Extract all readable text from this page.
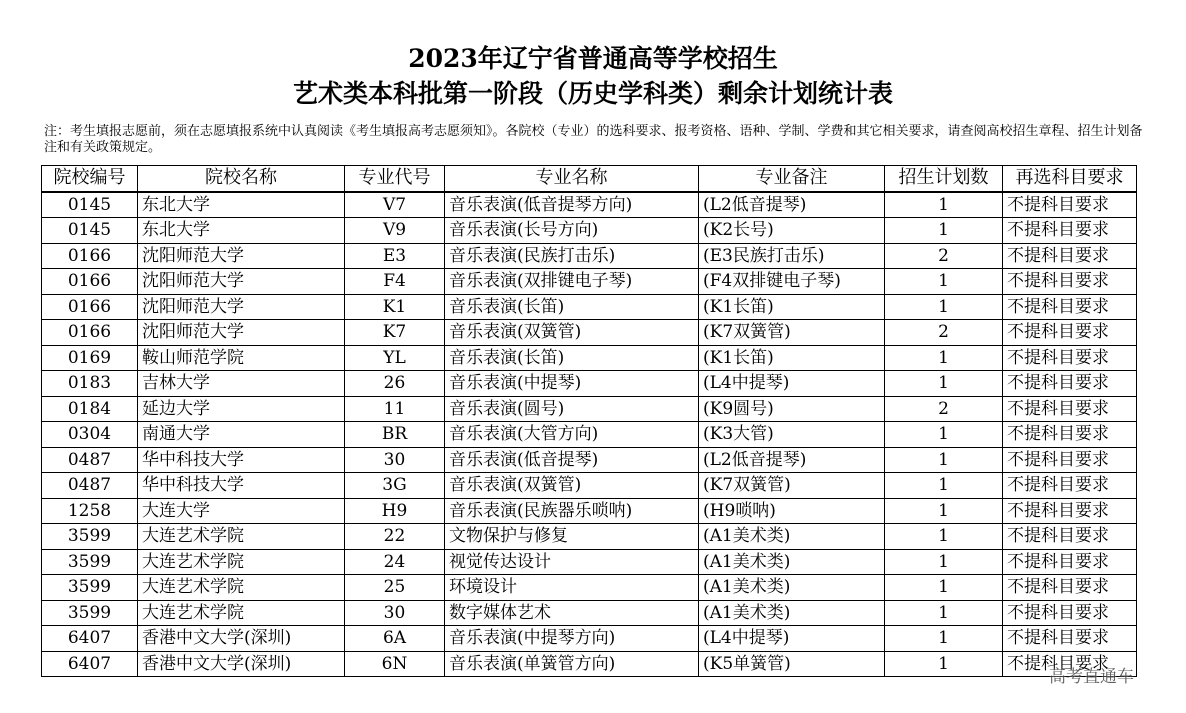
2023年辽宁省普通高等学校招生
艺术类本科批第一阶段（历史学科类）剩余计划统计表

注：考生填报志愿前，须在志愿填报系统中认真阅读《考生填报高考志愿须知》。各院校（专业）的选科要求、报考资格、语种、学制、学费和其它相关要求，请查阅高校招生章程、招生计划备注和有关政策规定。

院校编号	院校名称	专业代号	专业名称	专业备注	招生计划数	再选科目要求
0145	东北大学	V7	音乐表演(低音提琴方向)	(L2低音提琴)	1	不提科目要求
0145	东北大学	V9	音乐表演(长号方向)	(K2长号)	1	不提科目要求
0166	沈阳师范大学	E3	音乐表演(民族打击乐)	(E3民族打击乐)	2	不提科目要求
0166	沈阳师范大学	F4	音乐表演(双排键电子琴)	(F4双排键电子琴)	1	不提科目要求
0166	沈阳师范大学	K1	音乐表演(长笛)	(K1长笛)	1	不提科目要求
0166	沈阳师范大学	K7	音乐表演(双簧管)	(K7双簧管)	2	不提科目要求
0169	鞍山师范学院	YL	音乐表演(长笛)	(K1长笛)	1	不提科目要求
0183	吉林大学	26	音乐表演(中提琴)	(L4中提琴)	1	不提科目要求
0184	延边大学	11	音乐表演(圆号)	(K9圆号)	2	不提科目要求
0304	南通大学	BR	音乐表演(大管方向)	(K3大管)	1	不提科目要求
0487	华中科技大学	30	音乐表演(低音提琴)	(L2低音提琴)	1	不提科目要求
0487	华中科技大学	3G	音乐表演(双簧管)	(K7双簧管)	1	不提科目要求
1258	大连大学	H9	音乐表演(民族器乐唢呐)	(H9唢呐)	1	不提科目要求
3599	大连艺术学院	22	文物保护与修复	(A1美术类)	1	不提科目要求
3599	大连艺术学院	24	视觉传达设计	(A1美术类)	1	不提科目要求
3599	大连艺术学院	25	环境设计	(A1美术类)	1	不提科目要求
3599	大连艺术学院	30	数字媒体艺术	(A1美术类)	1	不提科目要求
6407	香港中文大学(深圳)	6A	音乐表演(中提琴方向)	(L4中提琴)	1	不提科目要求
6407	香港中文大学(深圳)	6N	音乐表演(单簧管方向)	(K5单簧管)	1	不提科目要求
高考直通车
